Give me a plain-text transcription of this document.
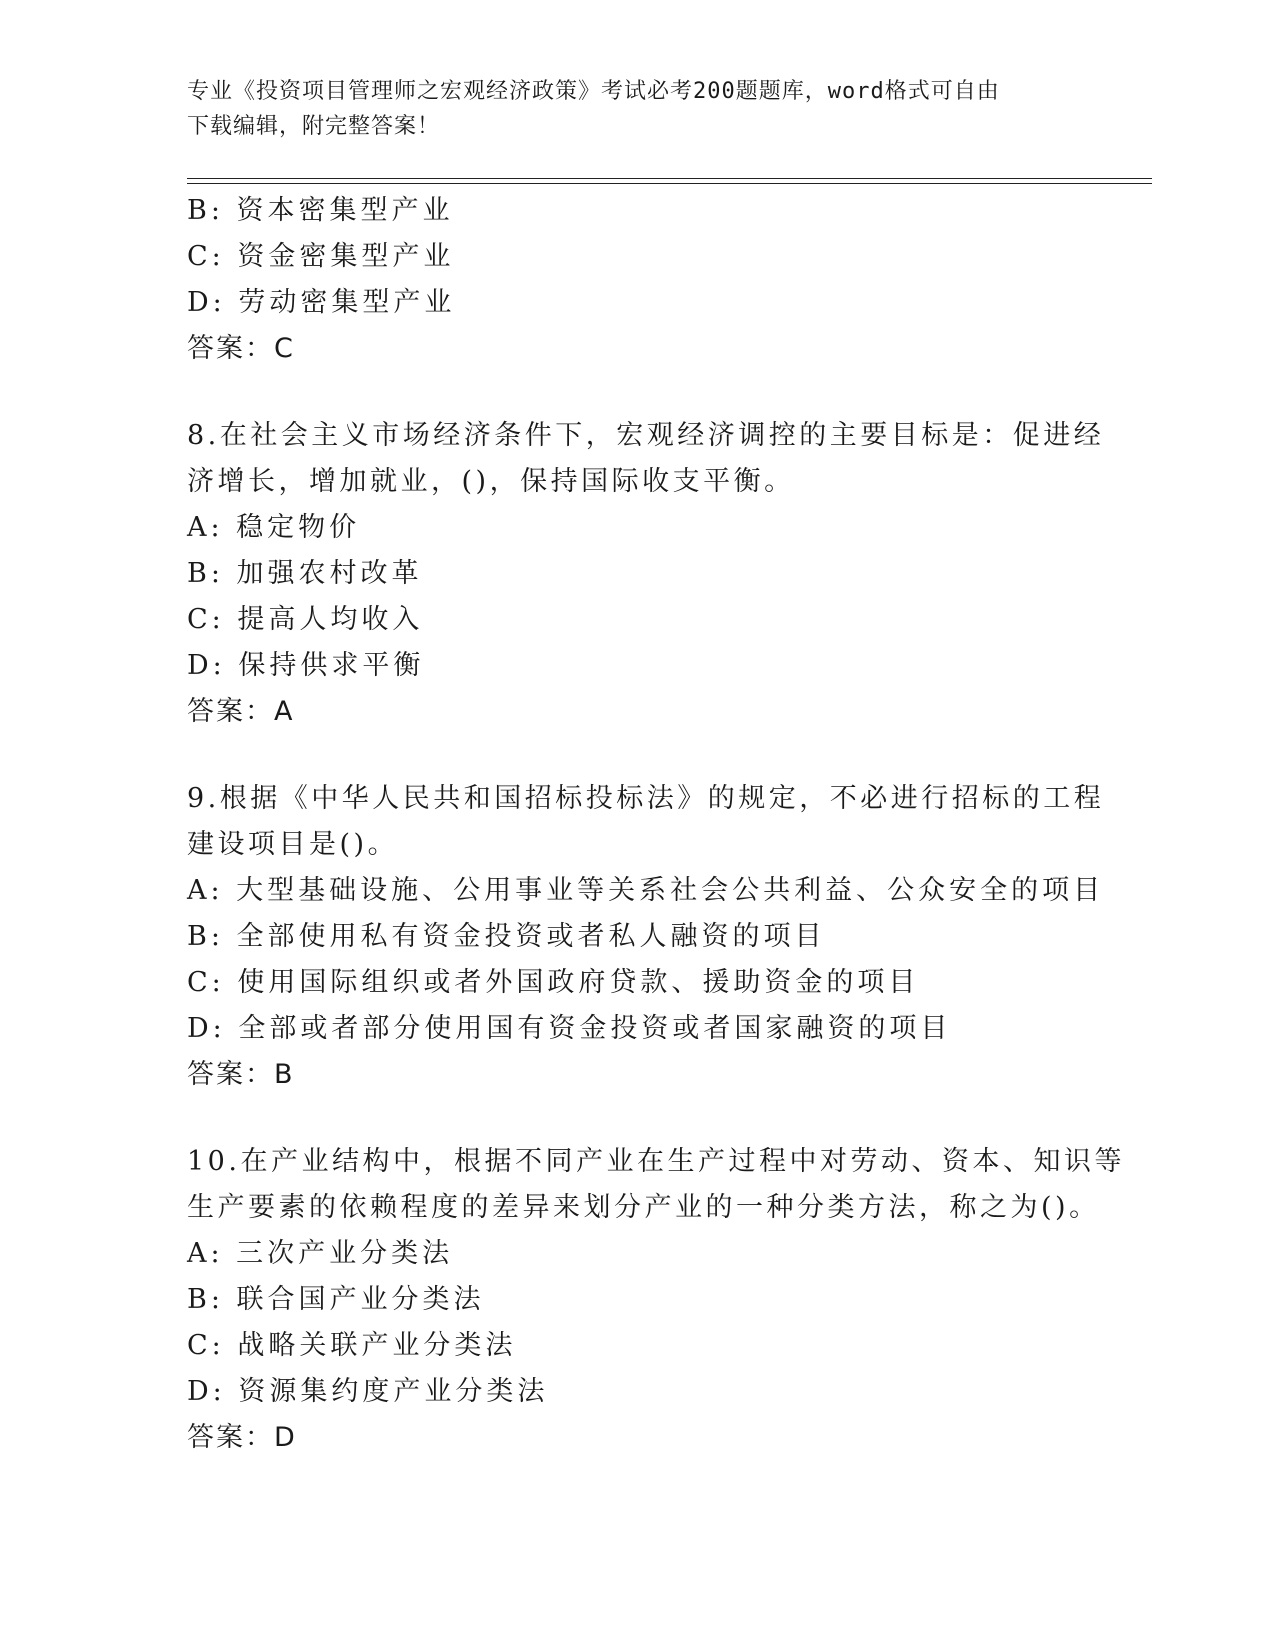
专业《投资项目管理师之宏观经济政策》考试必考200题题库，word格式可自由
下载编辑，附完整答案！
B: 资本密集型产业
C: 资金密集型产业
D: 劳动密集型产业
答案：C
8.在社会主义市场经济条件下，宏观经济调控的主要目标是：促进经
济增长，增加就业，()，保持国际收支平衡。
A: 稳定物价
B: 加强农村改革
C: 提高人均收入
D: 保持供求平衡
答案：A
9.根据《中华人民共和国招标投标法》的规定，不必进行招标的工程
建设项目是()。
A: 大型基础设施、公用事业等关系社会公共利益、公众安全的项目
B: 全部使用私有资金投资或者私人融资的项目
C: 使用国际组织或者外国政府贷款、援助资金的项目
D: 全部或者部分使用国有资金投资或者国家融资的项目
答案：B
10.在产业结构中，根据不同产业在生产过程中对劳动、资本、知识等
生产要素的依赖程度的差异来划分产业的一种分类方法，称之为()。
A: 三次产业分类法
B: 联合国产业分类法
C: 战略关联产业分类法
D: 资源集约度产业分类法
答案：D
